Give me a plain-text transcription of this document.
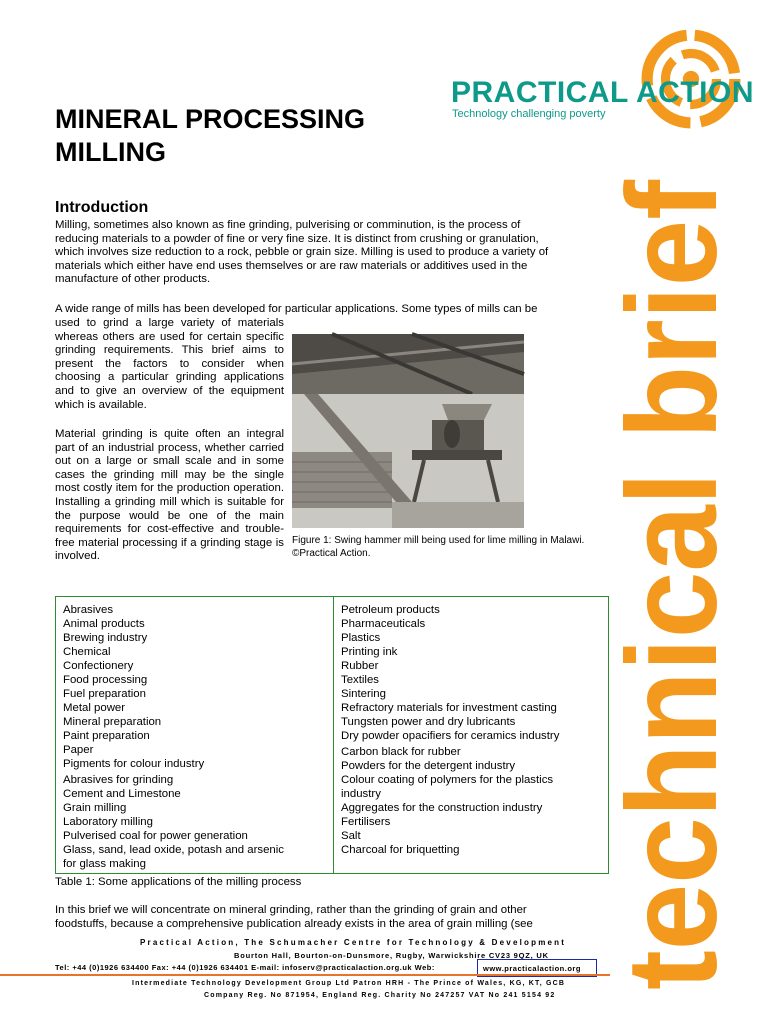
MINERAL PROCESSING
MILLING
PRACTICAL ACTION
Technology challenging poverty
technical brief
Introduction

Milling, sometimes also known as fine grinding, pulverising or comminution, is the process of reducing materials to a powder of fine or very fine size. It is distinct from crushing or granulation, which involves size reduction to a rock, pebble or grain size. Milling is used to produce a variety of materials which either have end uses themselves or are raw materials or additives used in the manufacture of other products.

A wide range of mills has been developed for particular applications. Some types of mills can be

used to grind a large variety of materials whereas others are used for certain specific grinding requirements. This brief aims to present the factors to consider when choosing a particular grinding applications and to give an overview of the equipment which is available.

Material grinding is quite often an integral part of an industrial process, whether carried out on a large or small scale and in some cases the grinding mill may be the single most costly item for the production operation. Installing a grinding mill which is suitable for the purpose would be one of the main requirements for cost-effective and trouble-free material processing if a grinding stage is involved.

Figure 1: Swing hammer mill being used for lime milling in Malawi. ©Practical Action.
Abrasives
Animal products
Brewing industry
Chemical
Confectionery
Food processing
Fuel preparation
Metal power
Mineral preparation
Paint preparation
Paper
Pigments for colour industry
Abrasives for grinding
Cement and Limestone
Grain milling
Laboratory milling
Pulverised coal for power generation
Glass, sand, lead oxide, potash and arsenic
for glass making
Petroleum products
Pharmaceuticals
Plastics
Printing ink
Rubber
Textiles
Sintering
Refractory materials for investment casting
Tungsten power and dry lubricants
Dry powder opacifiers for ceramics industry
Carbon black for rubber
Powders for the detergent industry
Colour coating of polymers for the plastics
industry
Aggregates for the construction industry
Fertilisers
Salt
Charcoal for briquetting
Table 1: Some applications of the milling process

In this brief we will concentrate on mineral grinding, rather than the grinding of grain and other foodstuffs, because a comprehensive publication already exists in the area of grain milling (see

Practical Action, The Schumacher Centre for Technology & Development
Bourton Hall, Bourton-on-Dunsmore, Rugby, Warwickshire CV23 9QZ, UK
Tel: +44 (0)1926 634400 Fax: +44 (0)1926 634401 E-mail: infoserv@practicalaction.org.uk Web:	www.practicalaction.org
Intermediate Technology Development Group Ltd Patron HRH - The Prince of Wales, KG, KT, GCB
Company Reg. No 871954, England Reg. Charity No 247257 VAT No 241 5154 92
